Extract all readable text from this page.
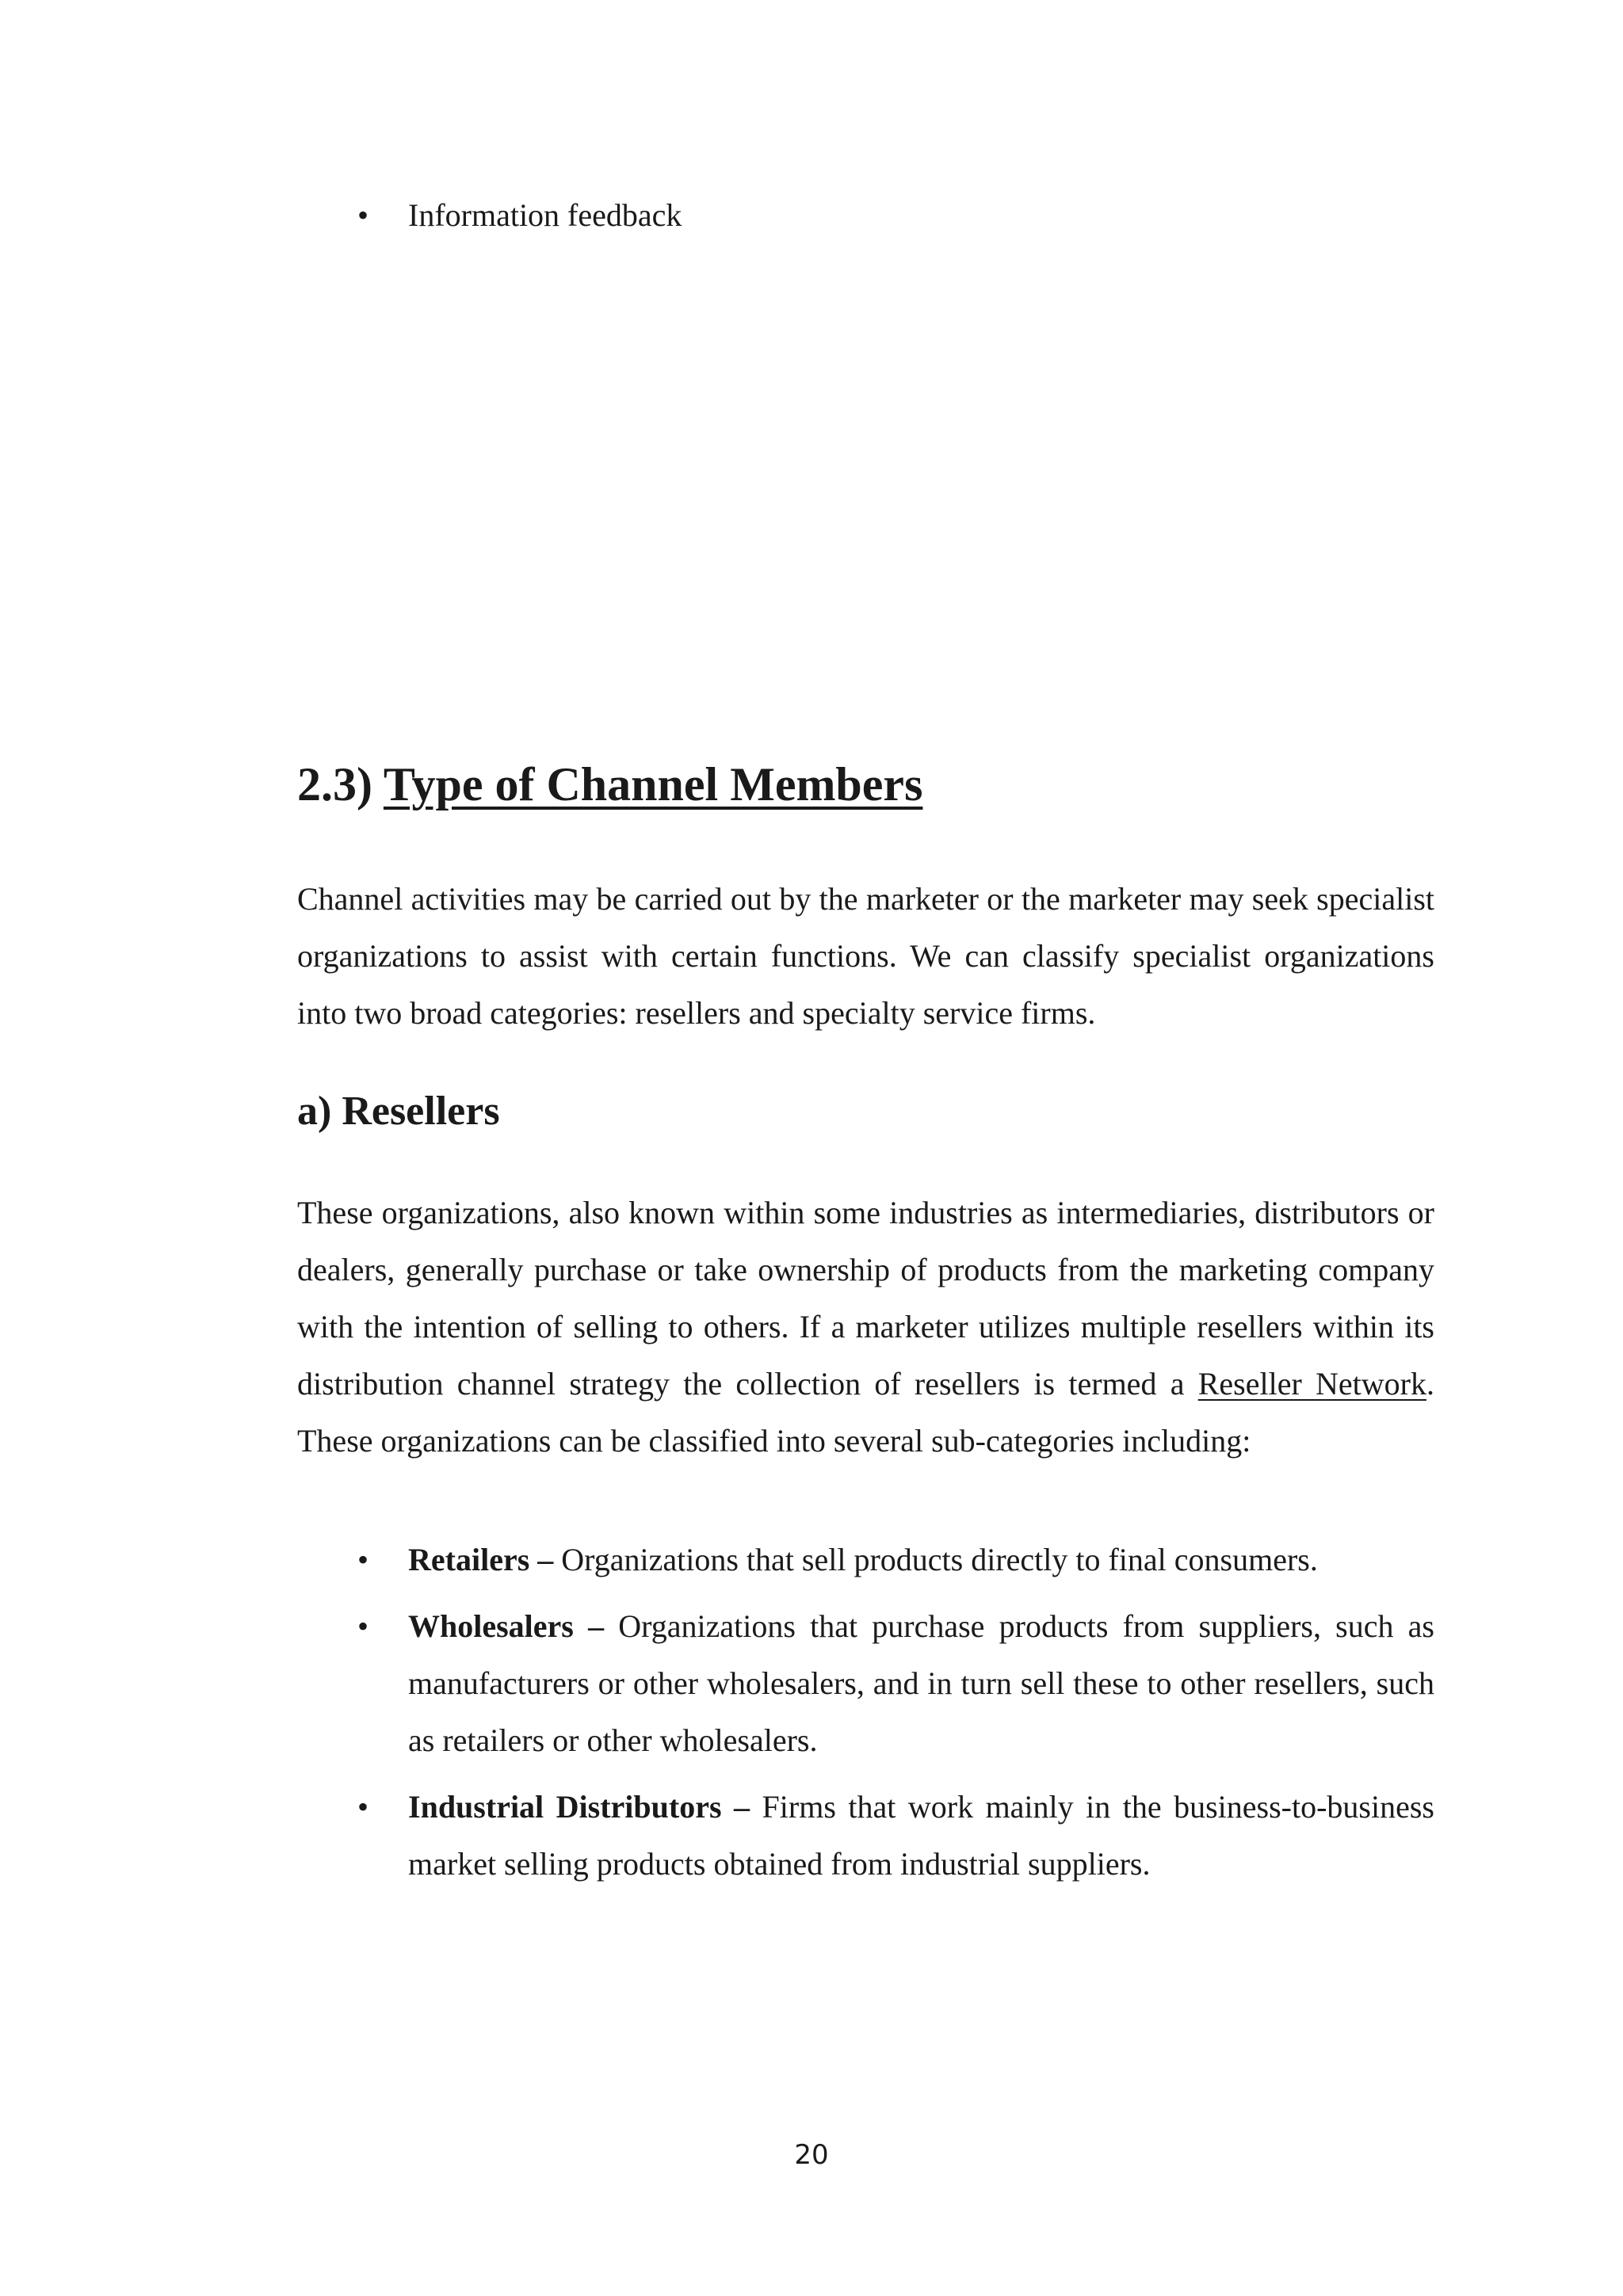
• Information feedback
2.3) Type of Channel Members

Channel activities may be carried out by the marketer or the marketer may seek specialist organizations to assist with certain functions. We can classify specialist organizations into two broad categories: resellers and specialty service firms.

a) Resellers

These organizations, also known within some industries as intermediaries, distributors or dealers, generally purchase or take ownership of products from the marketing company with the intention of selling to others. If a marketer utilizes multiple resellers within its distribution channel strategy the collection of resellers is termed a Reseller Network. These organizations can be classified into several sub-categories including:

• Retailers – Organizations that sell products directly to final consumers.
• Wholesalers – Organizations that purchase products from suppliers, such as manufacturers or other wholesalers, and in turn sell these to other resellers, such as retailers or other wholesalers.
• Industrial Distributors – Firms that work mainly in the business-to-business market selling products obtained from industrial suppliers.

20
